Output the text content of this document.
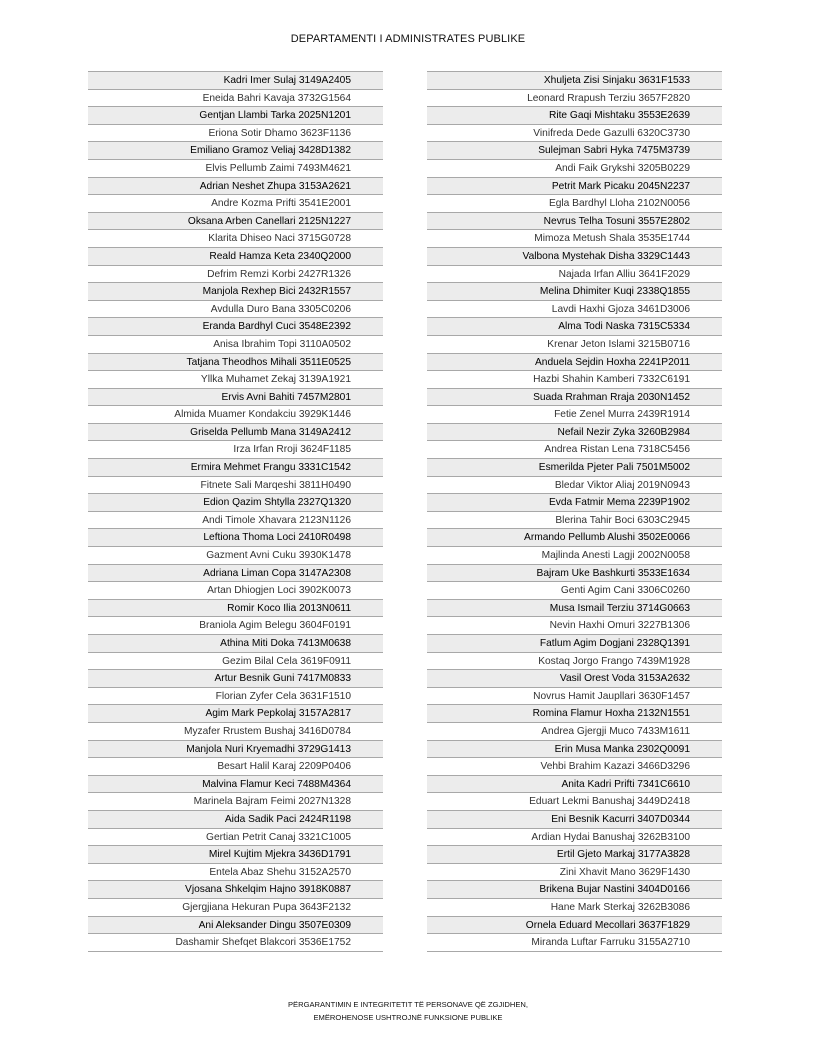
DEPARTAMENTI I ADMINISTRATES PUBLIKE
Kadri Imer Sulaj 3149A2405
Eneida Bahri Kavaja 3732G1564
Gentjan Llambi Tarka 2025N1201
Eriona Sotir Dhamo 3623F1136
Emiliano Gramoz Veliaj 3428D1382
Elvis Pellumb Zaimi 7493M4621
Adrian Neshet Zhupa 3153A2621
Andre Kozma Prifti 3541E2001
Oksana Arben Canellari 2125N1227
Klarita Dhiseo Naci 3715G0728
Reald Hamza Keta 2340Q2000
Defrim Remzi Korbi 2427R1326
Manjola Rexhep Bici 2432R1557
Avdulla Duro Bana 3305C0206
Eranda Bardhyl Cuci 3548E2392
Anisa Ibrahim Topi 3110A0502
Tatjana Theodhos Mihali 3511E0525
Yllka Muhamet Zekaj 3139A1921
Ervis Avni Bahiti 7457M2801
Almida Muamer Kondakciu 3929K1446
Griselda Pellumb Mana 3149A2412
Irza Irfan Rroji 3624F1185
Ermira Mehmet Frangu 3331C1542
Fitnete Sali Marqeshi 3811H0490
Edion Qazim Shtylla 2327Q1320
Andi Timole Xhavara 2123N1126
Leftiona Thoma Loci 2410R0498
Gazment Avni Cuku 3930K1478
Adriana Liman Copa 3147A2308
Artan Dhiogjen Loci 3902K0073
Romir Koco Ilia 2013N0611
Braniola Agim Belegu 3604F0191
Athina Miti Doka 7413M0638
Gezim Bilal Cela 3619F0911
Artur Besnik Guni 7417M0833
Florian Zyfer Cela 3631F1510
Agim Mark Pepkolaj 3157A2817
Myzafer Rrustem Bushaj 3416D0784
Manjola Nuri Kryemadhi 3729G1413
Besart Halil Karaj 2209P0406
Malvina Flamur Keci 7488M4364
Marinela Bajram Feimi 2027N1328
Aida Sadik Paci 2424R1198
Gertian Petrit Canaj 3321C1005
Mirel Kujtim Mjekra 3436D1791
Entela Abaz Shehu 3152A2570
Vjosana Shkelqim Hajno 3918K0887
Gjergjiana Hekuran Pupa 3643F2132
Ani Aleksander Dingu 3507E0309
Dashamir Shefqet Blakcori 3536E1752
Xhuljeta Zisi Sinjaku 3631F1533
Leonard Rrapush Terziu 3657F2820
Rite Gaqi Mishtaku 3553E2639
Vinifreda Dede Gazulli 6320C3730
Sulejman Sabri Hyka 7475M3739
Andi Faik Grykshi 3205B0229
Petrit Mark Picaku 2045N2237
Egla Bardhyl Lloha 2102N0056
Nevrus Telha Tosuni 3557E2802
Mimoza Metush Shala 3535E1744
Valbona Mystehak Disha 3329C1443
Najada Irfan Alliu 3641F2029
Melina Dhimiter Kuqi 2338Q1855
Lavdi Haxhi Gjoza 3461D3006
Alma Todi Naska 7315C5334
Krenar Jeton Islami 3215B0716
Anduela Sejdin Hoxha 2241P2011
Hazbi Shahin Kamberi 7332C6191
Suada Rrahman Rraja 2030N1452
Fetie Zenel Murra 2439R1914
Nefail Nezir Zyka 3260B2984
Andrea Ristan Lena 7318C5456
Esmerilda Pjeter Pali 7501M5002
Bledar Viktor Aliaj 2019N0943
Evda Fatmir Mema 2239P1902
Blerina Tahir Boci 6303C2945
Armando Pellumb Alushi 3502E0066
Majlinda Anesti Lagji 2002N0058
Bajram Uke Bashkurti 3533E1634
Genti Agim Cani 3306C0260
Musa Ismail Terziu 3714G0663
Nevin Haxhi Omuri 3227B1306
Fatlum Agim Dogjani 2328Q1391
Kostaq Jorgo Frango 7439M1928
Vasil Orest Voda 3153A2632
Novrus Hamit Jaupllari 3630F1457
Romina Flamur Hoxha 2132N1551
Andrea Gjergji Muco 7433M1611
Erin Musa Manka 2302Q0091
Vehbi Brahim Kazazi 3466D3296
Anita Kadri Prifti 7341C6610
Eduart Lekmi Banushaj 3449D2418
Eni Besnik Kacurri 3407D0344
Ardian Hydai Banushaj 3262B3100
Ertil Gjeto Markaj 3177A3828
Zini Xhavit Mano 3629F1430
Brikena Bujar Nastini 3404D0166
Hane Mark Sterkaj 3262B3086
Ornela Eduard Mecollari 3637F1829
Miranda Luftar Farruku 3155A2710
PËRGARANTIMIN E INTEGRITETIT TË PERSONAVE QË ZGJIDHEN,
EMËROHENOSE USHTROJNË FUNKSIONE PUBLIKE
